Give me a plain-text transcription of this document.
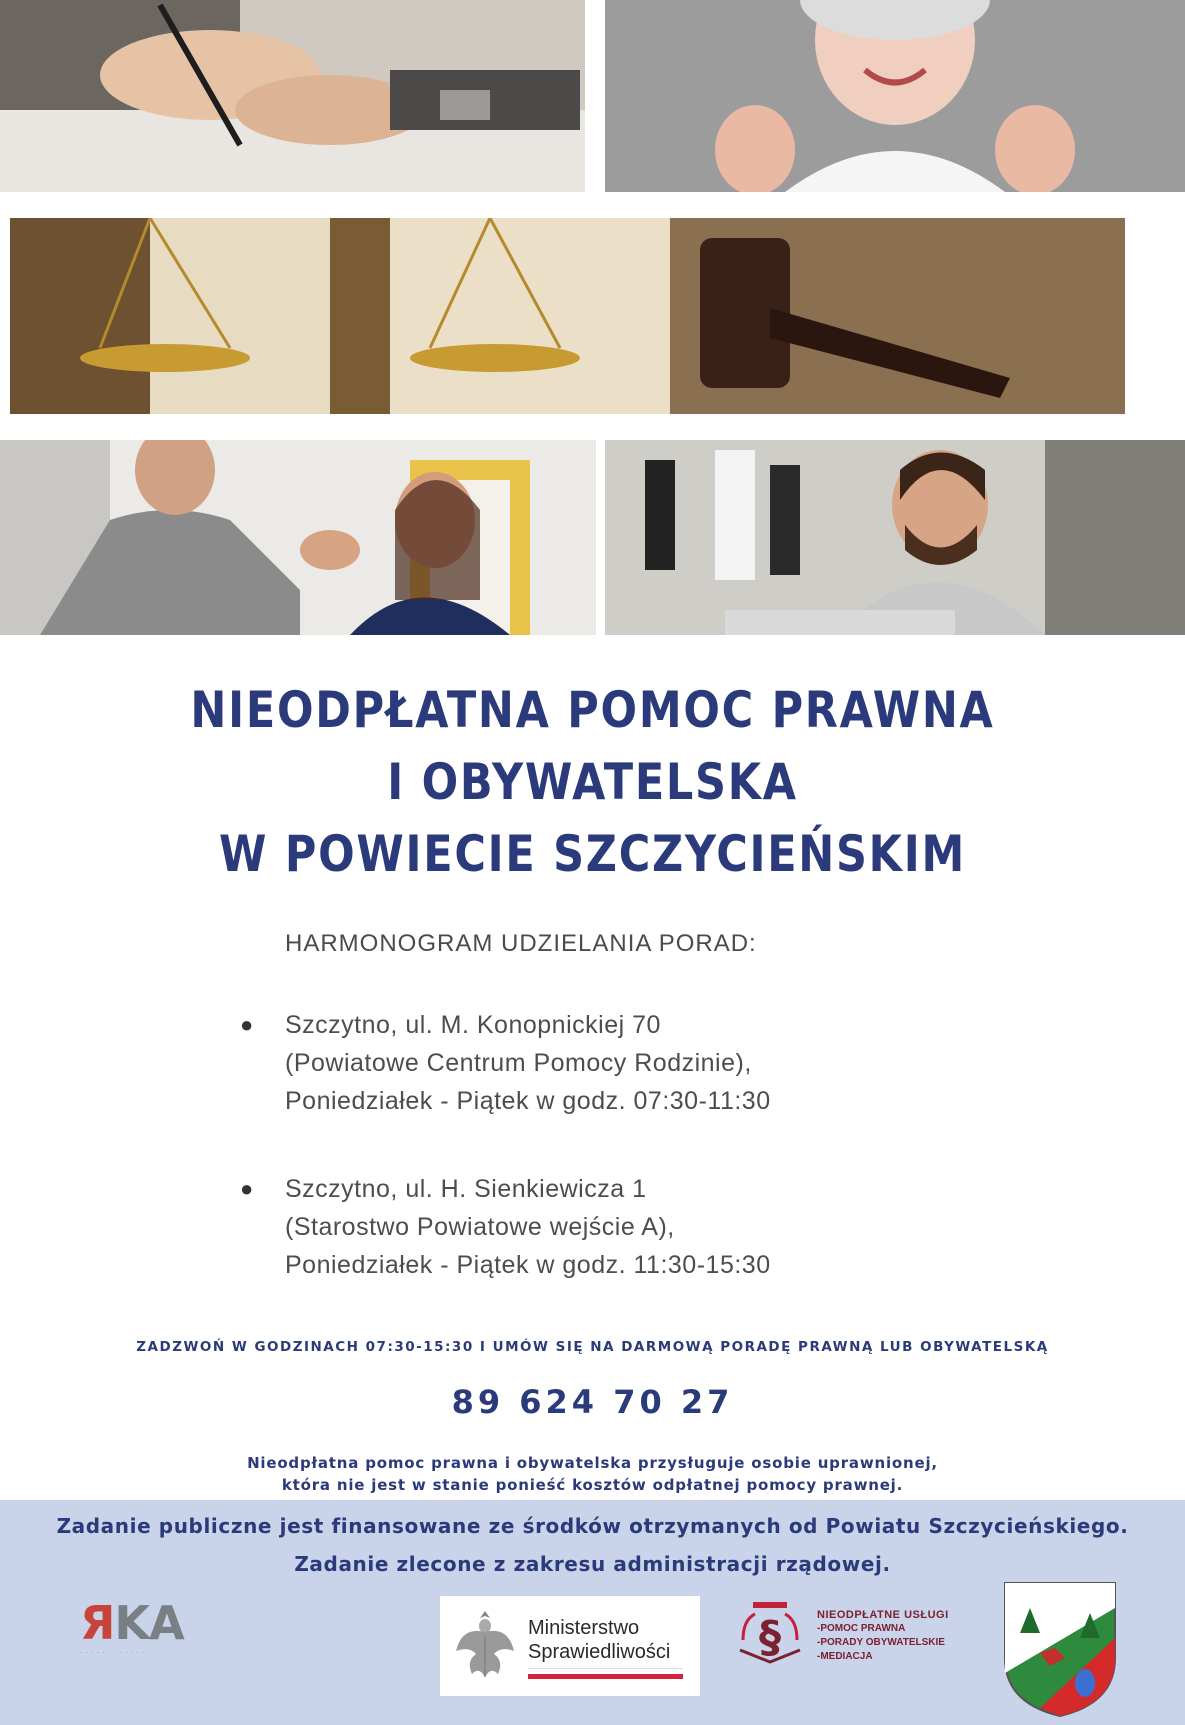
NIEODPŁATNA POMOC PRAWNA
I OBYWATELSKA
W POWIECIE SZCZYCIEŃSKIM
HARMONOGRAM UDZIELANIA PORAD:
● Szczytno, ul. M. Konopnickiej 70
(Powiatowe Centrum Pomocy Rodzinie),
Poniedziałek - Piątek w godz. 07:30-11:30
● Szczytno, ul. H. Sienkiewicza 1
(Starostwo Powiatowe wejście A),
Poniedziałek - Piątek w godz. 11:30-15:30
ZADZWOŃ W GODZINACH 07:30-15:30 I UMÓW SIĘ NA DARMOWĄ PORADĘ PRAWNĄ LUB OBYWATELSKĄ
89 624 70 27
Nieodpłatna pomoc prawna i obywatelska przysługuje osobie uprawnionej,
która nie jest w stanie ponieść kosztów odpłatnej pomocy prawnej.
Zadanie publiczne jest finansowane ze środków otrzymanych od Powiatu Szczycieńskiego.
Zadanie zlecone z zakresu administracji rządowej.
ЯKA
· · · · · · · · · · · ·
Ministerstwo
Sprawiedliwości §	NIEODPŁATNE USŁUGI
-POMOC PRAWNA
-PORADY OBYWATELSKIE
-MEDIACJA
